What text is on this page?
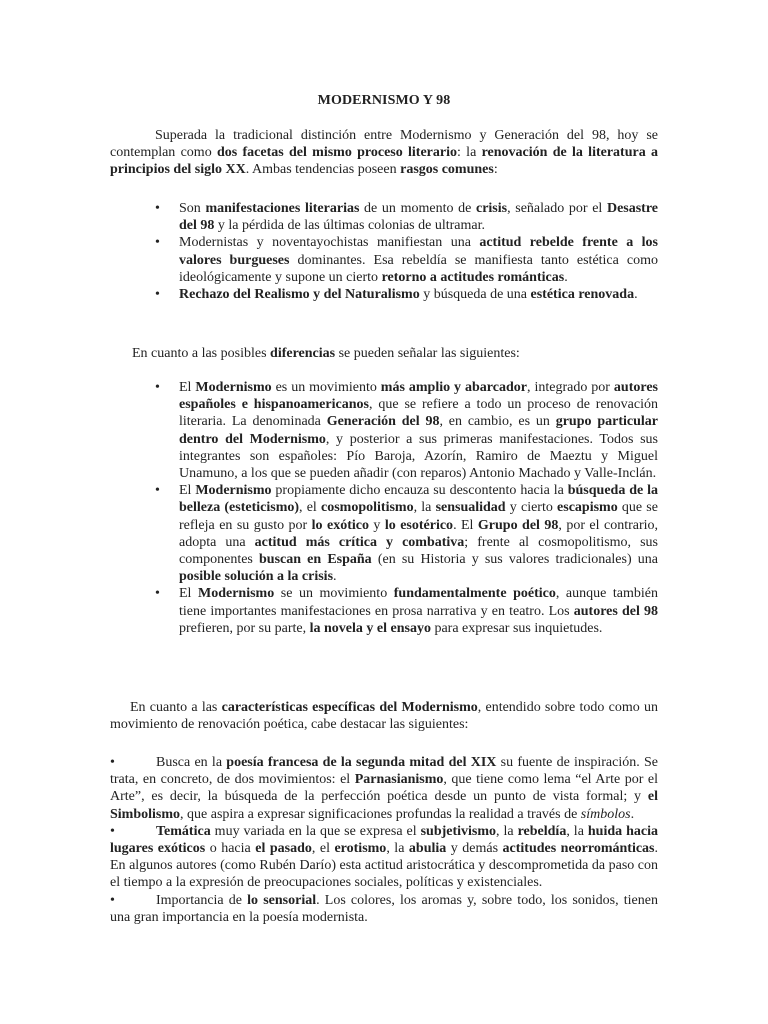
MODERNISMO Y 98

Superada la tradicional distinción entre Modernismo y Generación del 98, hoy se contemplan como dos facetas del mismo proceso literario: la renovación de la literatura a principios del siglo XX. Ambas tendencias poseen rasgos comunes:

• Son manifestaciones literarias de un momento de crisis, señalado por el Desastre del 98 y la pérdida de las últimas colonias de ultramar.
• Modernistas y noventayochistas manifiestan una actitud rebelde frente a los valores burgueses dominantes. Esa rebeldía se manifiesta tanto estética como ideológicamente y supone un cierto retorno a actitudes románticas.
• Rechazo del Realismo y del Naturalismo y búsqueda de una estética renovada.

En cuanto a las posibles diferencias se pueden señalar las siguientes:

• El Modernismo es un movimiento más amplio y abarcador, integrado por autores españoles e hispanoamericanos, que se refiere a todo un proceso de renovación literaria. La denominada Generación del 98, en cambio, es un grupo particular dentro del Modernismo, y posterior a sus primeras manifestaciones. Todos sus integrantes son españoles: Pío Baroja, Azorín, Ramiro de Maeztu y Miguel Unamuno, a los que se pueden añadir (con reparos) Antonio Machado y Valle-Inclán.
• El Modernismo propiamente dicho encauza su descontento hacia la búsqueda de la belleza (esteticismo), el cosmopolitismo, la sensualidad y cierto escapismo que se refleja en su gusto por lo exótico y lo esotérico. El Grupo del 98, por el contrario, adopta una actitud más crítica y combativa; frente al cosmopolitismo, sus componentes buscan en España (en su Historia y sus valores tradicionales) una posible solución a la crisis.
• El Modernismo se un movimiento fundamentalmente poético, aunque también tiene importantes manifestaciones en prosa narrativa y en teatro. Los autores del 98 prefieren, por su parte, la novela y el ensayo para expresar sus inquietudes.

En cuanto a las características específicas del Modernismo, entendido sobre todo como un movimiento de renovación poética, cabe destacar las siguientes:

•	Busca en la poesía francesa de la segunda mitad del XIX su fuente de inspiración. Se trata, en concreto, de dos movimientos: el Parnasianismo, que tiene como lema “el Arte por el Arte”, es decir, la búsqueda de la perfección poética desde un punto de vista formal; y el Simbolismo, que aspira a expresar significaciones profundas la realidad a través de símbolos.

•	Temática muy variada en la que se expresa el subjetivismo, la rebeldía, la huida hacia lugares exóticos o hacia el pasado, el erotismo, la abulia y demás actitudes neorrománticas. En algunos autores (como Rubén Darío) esta actitud aristocrática y descomprometida da paso con el tiempo a la expresión de preocupaciones sociales, políticas y existenciales.

•	Importancia de lo sensorial. Los colores, los aromas y, sobre todo, los sonidos, tienen una gran importancia en la poesía modernista.
